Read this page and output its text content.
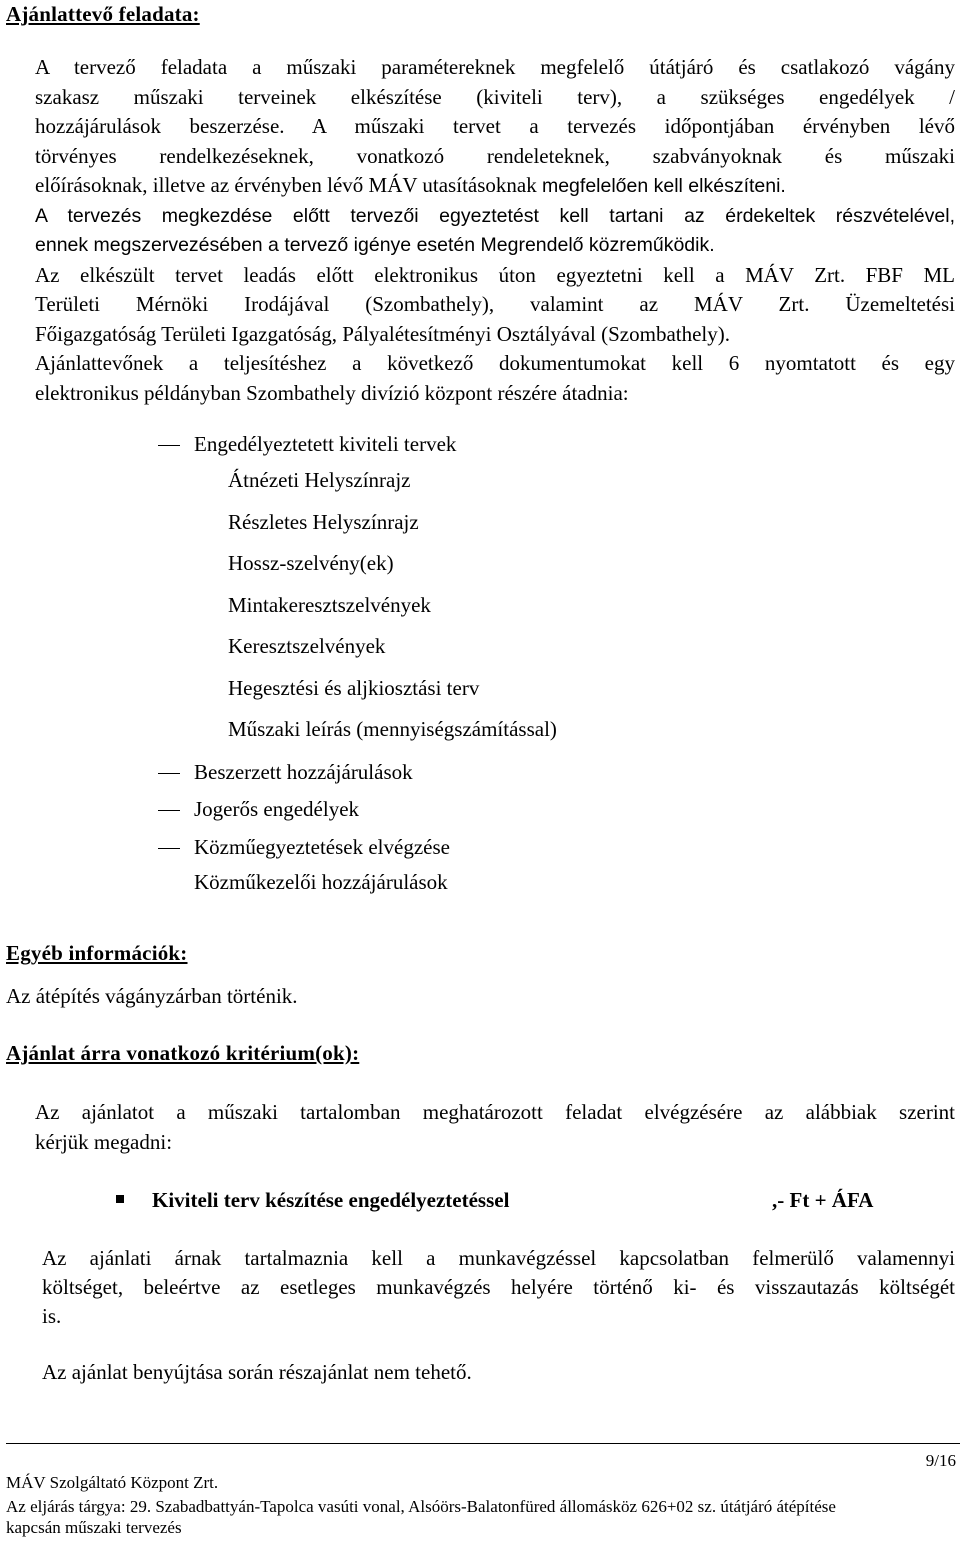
Ajánlattevő feladata:
A tervező feladata a műszaki paramétereknek megfelelő útátjáró és csatlakozó vágány
szakasz műszaki terveinek elkészítése (kiviteli terv), a szükséges engedélyek /
hozzájárulások beszerzése. A műszaki tervet a tervezés időpontjában érvényben lévő
törvényes rendelkezéseknek, vonatkozó rendeleteknek, szabványoknak és műszaki
előírásoknak, illetve az érvényben lévő MÁV utasításoknak megfelelően kell elkészíteni.
A tervezés megkezdése előtt tervezői egyeztetést kell tartani az érdekeltek részvételével,
ennek megszervezésében a tervező igénye esetén Megrendelő közreműködik.
Az elkészült tervet leadás előtt elektronikus úton egyeztetni kell a MÁV Zrt. FBF ML
Területi Mérnöki Irodájával (Szombathely), valamint az MÁV Zrt. Üzemeltetési
Főigazgatóság Területi Igazgatóság, Pályalétesítményi Osztályával (Szombathely).
Ajánlattevőnek a teljesítéshez a következő dokumentumokat kell 6 nyomtatott és egy
elektronikus példányban Szombathely divízió központ részére átadnia:
Engedélyeztetett kiviteli tervek
Átnézeti Helyszínrajz
Részletes Helyszínrajz
Hossz-szelvény(ek)
Mintakeresztszelvények
Keresztszelvények
Hegesztési és aljkiosztási terv
Műszaki leírás (mennyiségszámítással)
Beszerzett hozzájárulások
Jogerős engedélyek
Közműegyeztetések elvégzése
Közműkezelői hozzájárulások
Egyéb információk:
Az átépítés vágányzárban történik.
Ajánlat árra vonatkozó kritérium(ok):
Az ajánlatot a műszaki tartalomban meghatározott feladat elvégzésére az alábbiak szerint
kérjük megadni:
Kiviteli terv készítése engedélyeztetéssel	,- Ft + ÁFA
Az ajánlati árnak tartalmaznia kell a munkavégzéssel kapcsolatban felmerülő valamennyi
költséget, beleértve az esetleges munkavégzés helyére történő ki- és visszautazás költségét
is.
Az ajánlat benyújtása során részajánlat nem tehető.
9/16
MÁV Szolgáltató Központ Zrt.
Az eljárás tárgya: 29. Szabadbattyán-Tapolca vasúti vonal, Alsóörs-Balatonfüred állomásköz 626+02 sz. útátjáró átépítése
kapcsán műszaki tervezés
